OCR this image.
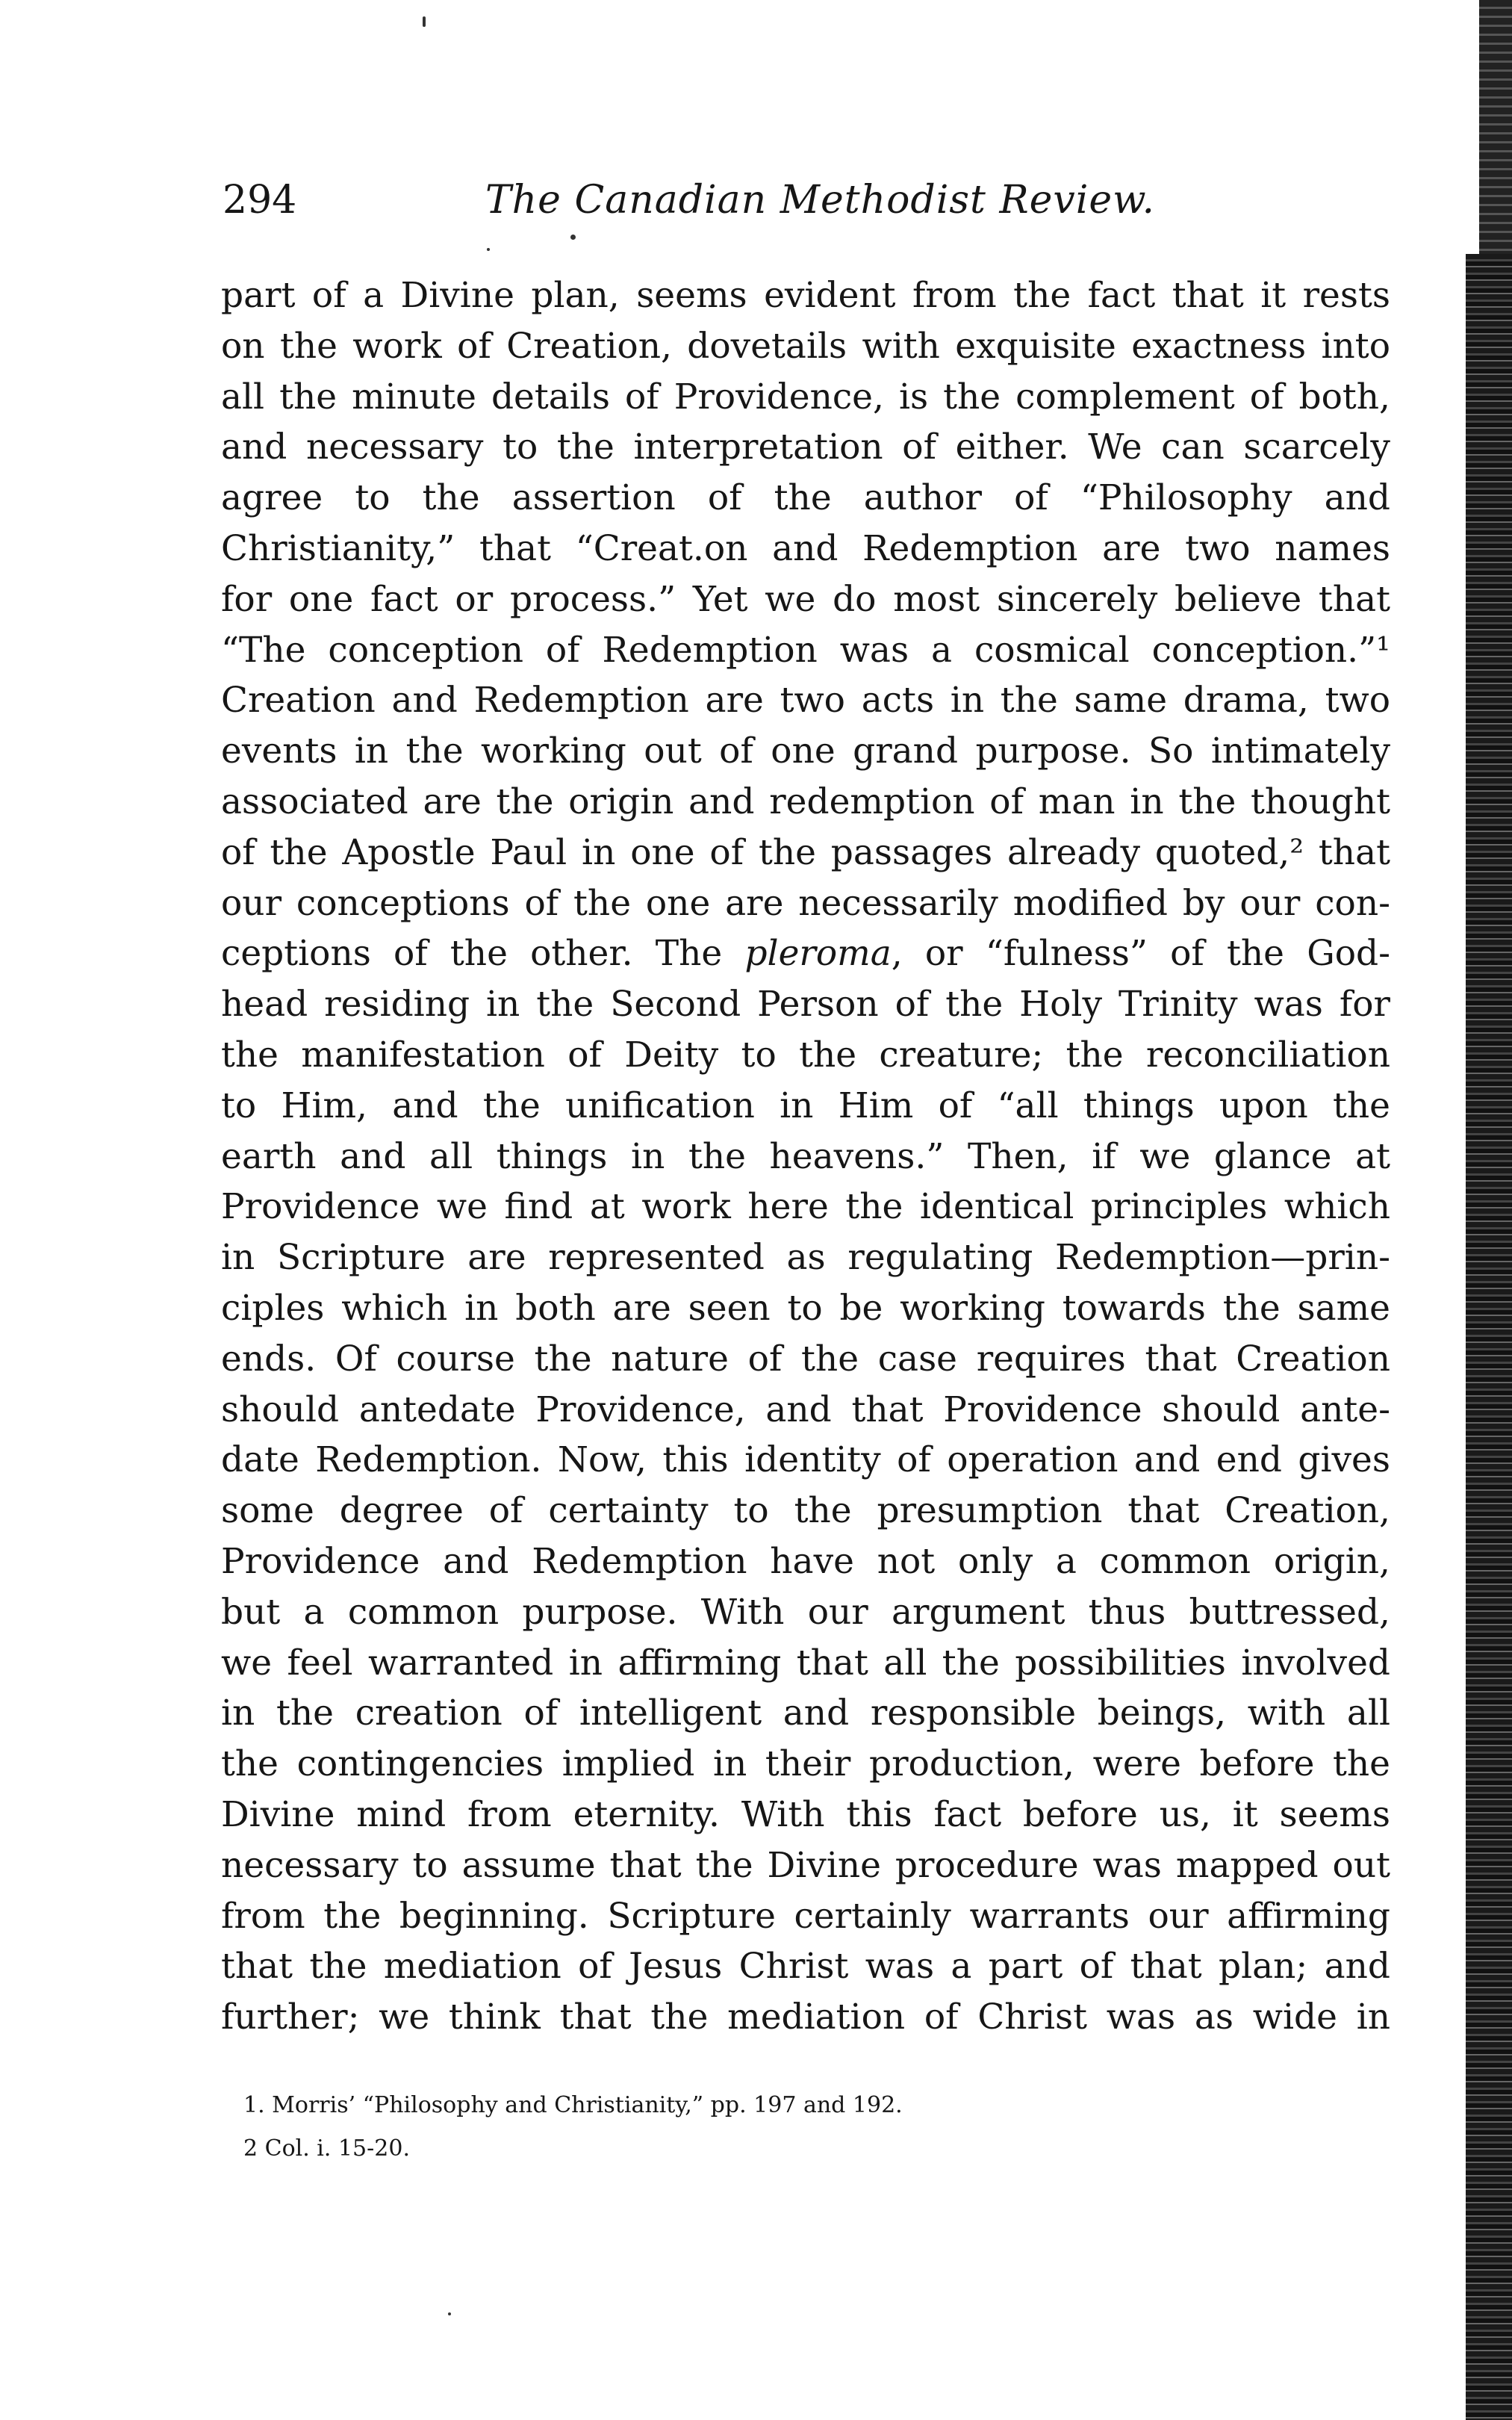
294	The Canadian Methodist Review.
part of a Divine plan, seems evident from the fact that it rests
on the work of Creation, dovetails with exquisite exactness into
all the minute details of Providence, is the complement of both,
and necessary to the interpretation of either. We can scarcely
agree to the assertion of the author of “Philosophy and
Christianity,” that “Creat.on and Redemption are two names
for one fact or process.” Yet we do most sincerely believe that
“The conception of Redemption was a cosmical conception.”¹
Creation and Redemption are two acts in the same drama, two
events in the working out of one grand purpose. So intimately
associated are the origin and redemption of man in the thought
of the Apostle Paul in one of the passages already quoted,² that
our conceptions of the one are necessarily modified by our con-
ceptions of the other. The pleroma, or “fulness” of the God-
head residing in the Second Person of the Holy Trinity was for
the manifestation of Deity to the creature; the reconciliation
to Him, and the unification in Him of “all things upon the
earth and all things in the heavens.” Then, if we glance at
Providence we find at work here the identical principles which
in Scripture are represented as regulating Redemption—prin-
ciples which in both are seen to be working towards the same
ends. Of course the nature of the case requires that Creation
should antedate Providence, and that Providence should ante-
date Redemption. Now, this identity of operation and end gives
some degree of certainty to the presumption that Creation,
Providence and Redemption have not only a common origin,
but a common purpose. With our argument thus buttressed,
we feel warranted in affirming that all the possibilities involved
in the creation of intelligent and responsible beings, with all
the contingencies implied in their production, were before the
Divine mind from eternity. With this fact before us, it seems
necessary to assume that the Divine procedure was mapped out
from the beginning. Scripture certainly warrants our affirming
that the mediation of Jesus Christ was a part of that plan; and
further; we think that the mediation of Christ was as wide in
1. Morris’ “Philosophy and Christianity,” pp. 197 and 192.
2 Col. i. 15-20.
